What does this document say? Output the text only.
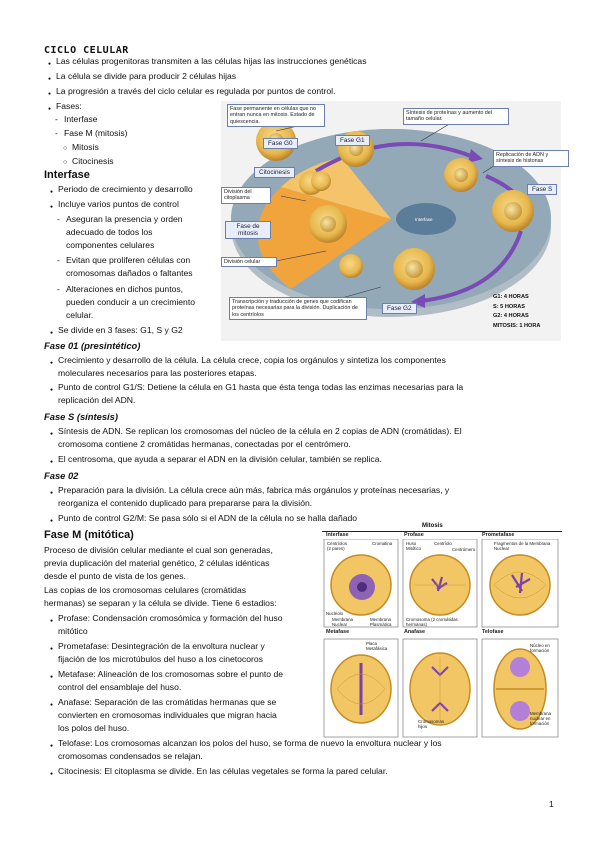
CICLO CELULAR
● Las células progenitoras transmiten a las células hijas las instrucciones genéticas
● La célula se divide para producir 2 células hijas
● La progresión a través del ciclo celular es regulada por puntos de control.
● Fases:
- Interfase
- Fase M (mitosis)
○ Mitosis
○ Citocinesis
Interfase
● Periodo de crecimiento y desarrollo
● Incluye varios puntos de control
- Aseguran la presencia y orden
adecuado de todos los
componentes celulares
- Evitan que proliferen células con
cromosomas dañados o faltantes
- Alteraciones en dichos puntos,
pueden conducir a un crecimiento
celular.
● Se divide en 3 fases: G1, S y G2
Fase 01 (presintético)
● Crecimiento y desarrollo de la célula. La célula crece, copia los orgánulos y sintetiza los componentes
moleculares necesarios para las posteriores etapas.
● Punto de control G1/S: Detiene la célula en G1 hasta que ésta tenga todas las enzimas necesarias para la
replicación del ADN.
Fase S (síntesis)
● Síntesis de ADN. Se replican los cromosomas del núcleo de la célula en 2 copias de ADN (cromátidas). El
cromosoma contiene 2 cromátidas hermanas, conectadas por el centrómero.
● El centrosoma, que ayuda a separar el ADN en la división celular, también se replica.
Fase 02
● Preparación para la división. La célula crece aún más, fabrica más orgánulos y proteínas necesarias, y
reorganiza el contenido duplicado para prepararse para la división.
● Punto de control G2/M: Se pasa sólo si el ADN de la célula no se halla dañado
Fase M (mitótica)
Proceso de división celular mediante el cual son generadas,
previa duplicación del material genético, 2 células idénticas
desde el punto de vista de los genes.
Las copias de los cromosomas celulares (cromátidas
hermanas) se separan y la célula se divide. Tiene 6 estadios:
● Profase: Condensación cromosómica y formación del huso
mitótico
● Prometafase: Desintegración de la envoltura nuclear y
fijación de los microtúbulos del huso a los cinetocoros
● Metafase: Alineación de los cromosomas sobre el punto de
control del ensamblaje del huso.
● Anafase: Separación de las cromátidas hermanas que se
convierten en cromosomas individuales que migran hacia
los polos del huso.
● Telofase: Los cromosomas alcanzan los polos del huso, se forma de nuevo la envoltura nuclear y los
cromosomas condensados se relajan.
● Citocinesis: El citoplasma se divide. En las células vegetales se forma la pared celular.
1
Interfase
Fase permanente en células que no entran nunca en mitosis. Estado de quiescencia.
Síntesis de proteínas y aumento del tamaño celular.
Replicación de ADN y síntesis de histonas
División del citoplasma
División celular
Transcripción y traducción de genes que codifican proteínas necesarias para la división. Duplicación de los centríolos
Fase G0	Fase G1
Citocinesis
Fase de mitosis
Fase S
Fase G2
G1: 4 HORAS
S: 5 HORAS
G2: 4 HORAS
MITOSIS: 1 HORA
Mitosis
Interfase	Profase	Prometafase
Metafase	Anafase	Telofase
Centríolos (2 pares)
Cromatina
Nucléolo
Membrana Nuclear
Membrana Plasmática
Huso Mitótico
Centríolo
Centrómero
Cromosoma (2 cromátidas hermanas)
Fragmentos de la Membrana Nuclear
Placa Metafásica
Cromosomas hijos
Núcleo en formación
Membrana nuclear en formación
